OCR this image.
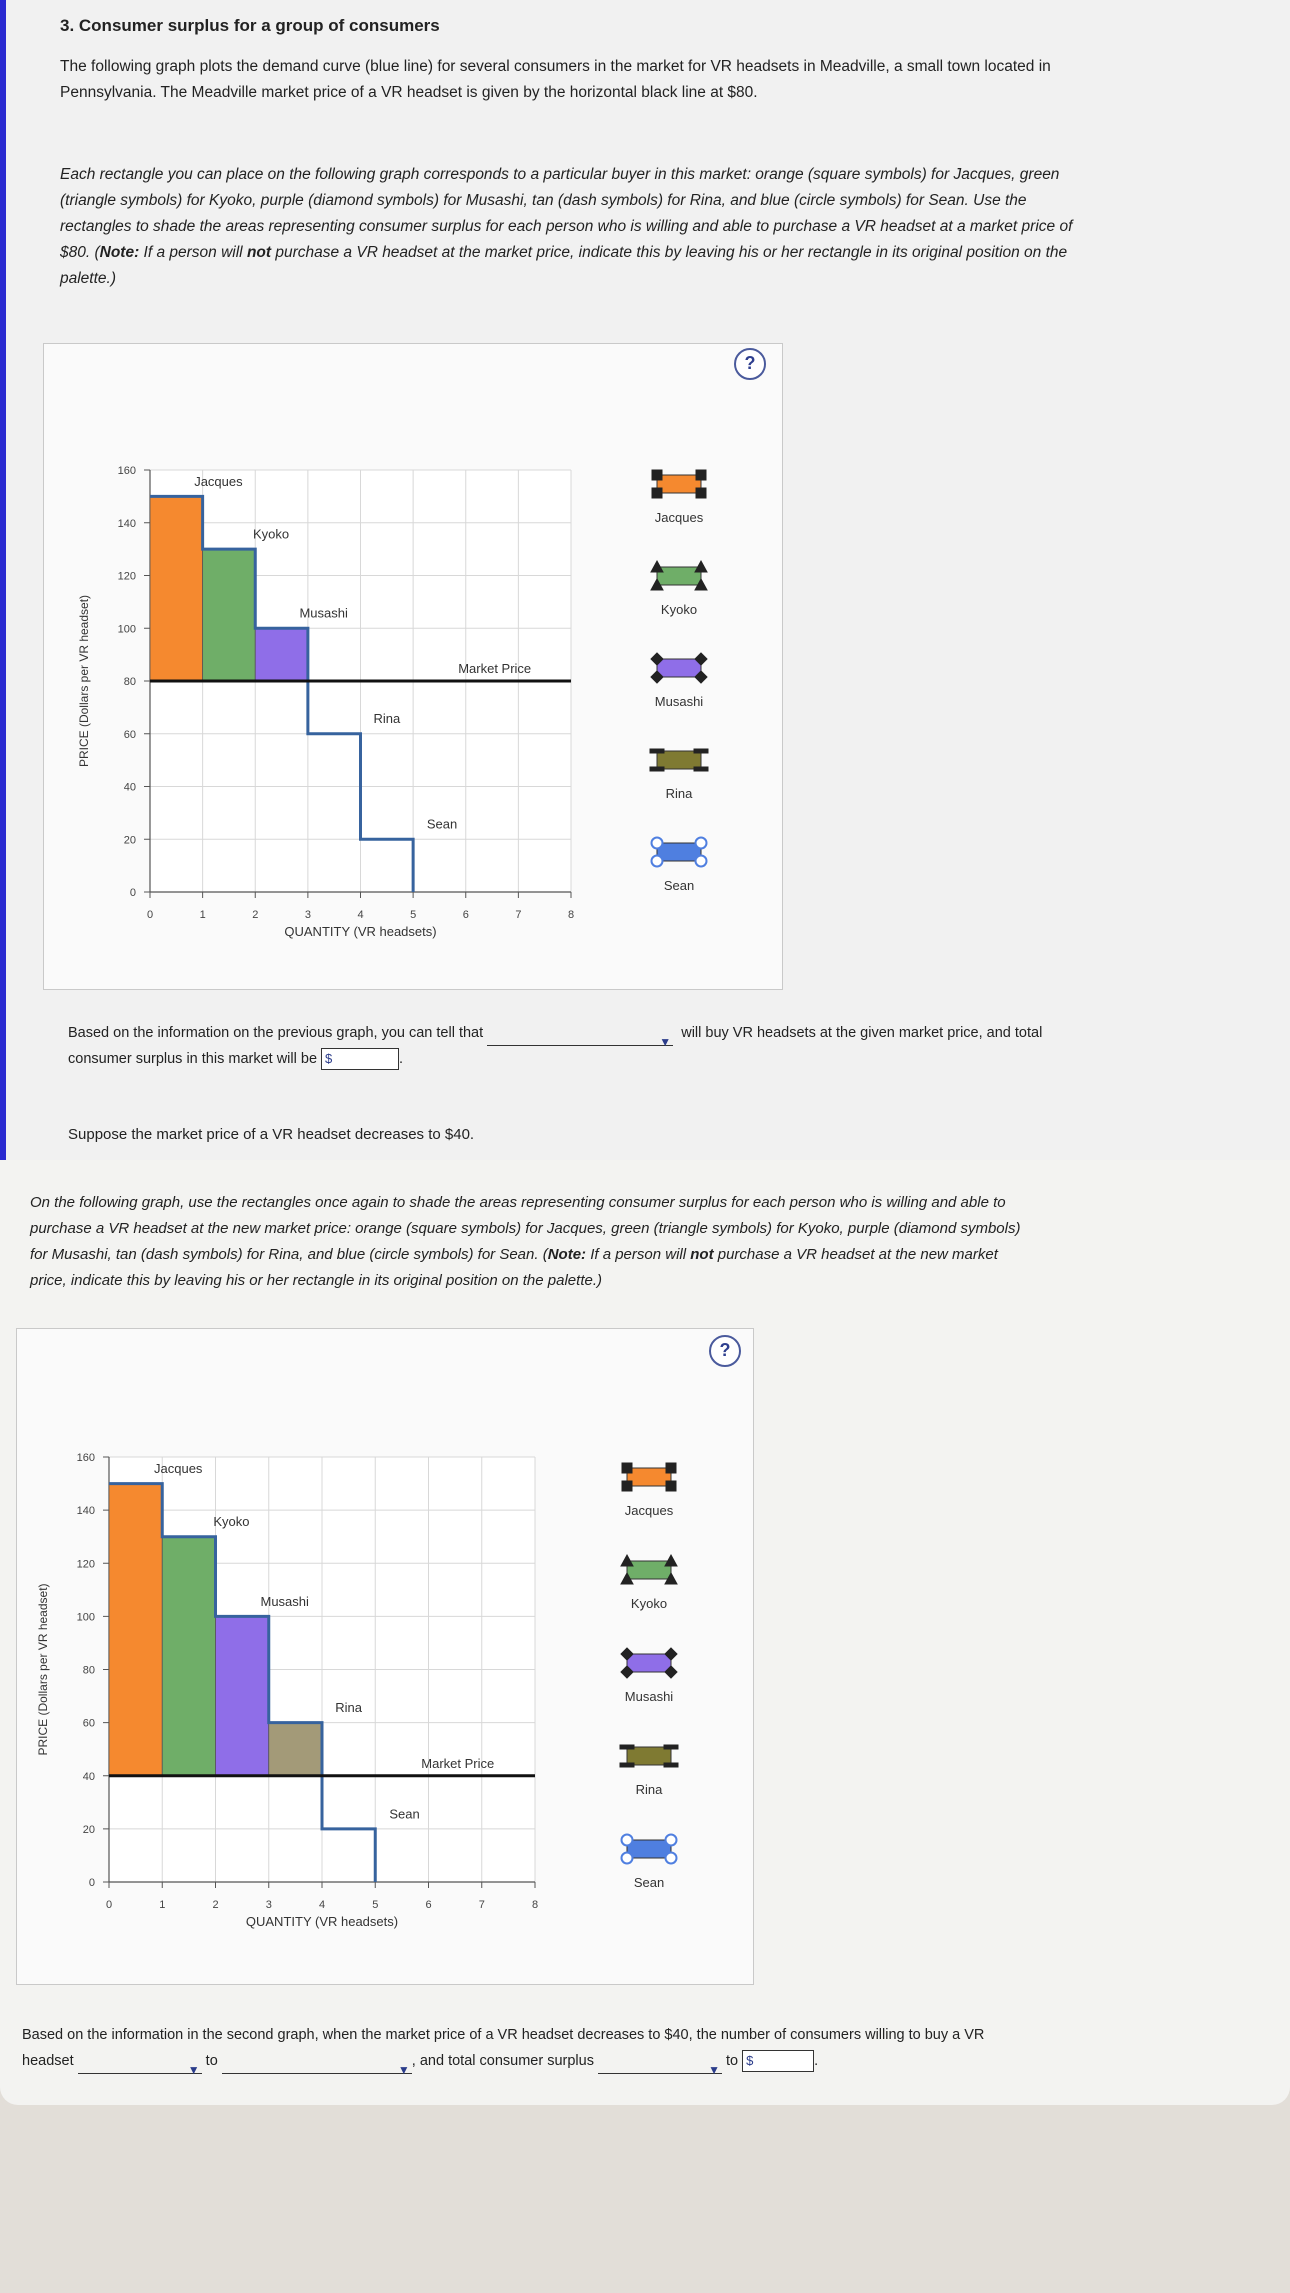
3. Consumer surplus for a group of consumers
The following graph plots the demand curve (blue line) for several consumers in the market for VR headsets in Meadville, a small town located in
Pennsylvania. The Meadville market price of a VR headset is given by the horizontal black line at $80.
Each rectangle you can place on the following graph corresponds to a particular buyer in this market: orange (square symbols) for Jacques, green
(triangle symbols) for Kyoko, purple (diamond symbols) for Musashi, tan (dash symbols) for Rina, and blue (circle symbols) for Sean. Use the
rectangles to shade the areas representing consumer surplus for each person who is willing and able to purchase a VR headset at a market price of
$80. (Note: If a person will not purchase a VR headset at the market price, indicate this by leaving his or her rectangle in its original position on the
palette.)
?
0
20
40
60
80
100
120
140
160
0	1	2	3	4	5	6	7	8
Jacques
Kyoko
Musashi
Rina
Sean
Market Price
QUANTITY (VR headsets)
PRICE (Dollars per VR headset)
Jacques
Kyoko
Musashi
Rina
Sean
Based on the information on the previous graph, you can tell that
▼
will buy VR headsets at the given market price, and total
consumer surplus in this market will be $	.
Suppose the market price of a VR headset decreases to $40.
On the following graph, use the rectangles once again to shade the areas representing consumer surplus for each person who is willing and able to
purchase a VR headset at the new market price: orange (square symbols) for Jacques, green (triangle symbols) for Kyoko, purple (diamond symbols)
for Musashi, tan (dash symbols) for Rina, and blue (circle symbols) for Sean. (Note: If a person will not purchase a VR headset at the new market
price, indicate this by leaving his or her rectangle in its original position on the palette.)
?
0
20
40
60
80
100
120
140
160
0	1	2	3	4	5	6	7	8
Jacques
Kyoko
Musashi
Rina
Sean
Market Price
QUANTITY (VR headsets)
PRICE (Dollars per VR headset)
Jacques
Kyoko
Musashi
Rina
Sean
Based on the information in the second graph, when the market price of a VR headset decreases to $40, the number of consumers willing to buy a VR
headset
▼
to
▼
, and total consumer surplus
▼
to $	.
